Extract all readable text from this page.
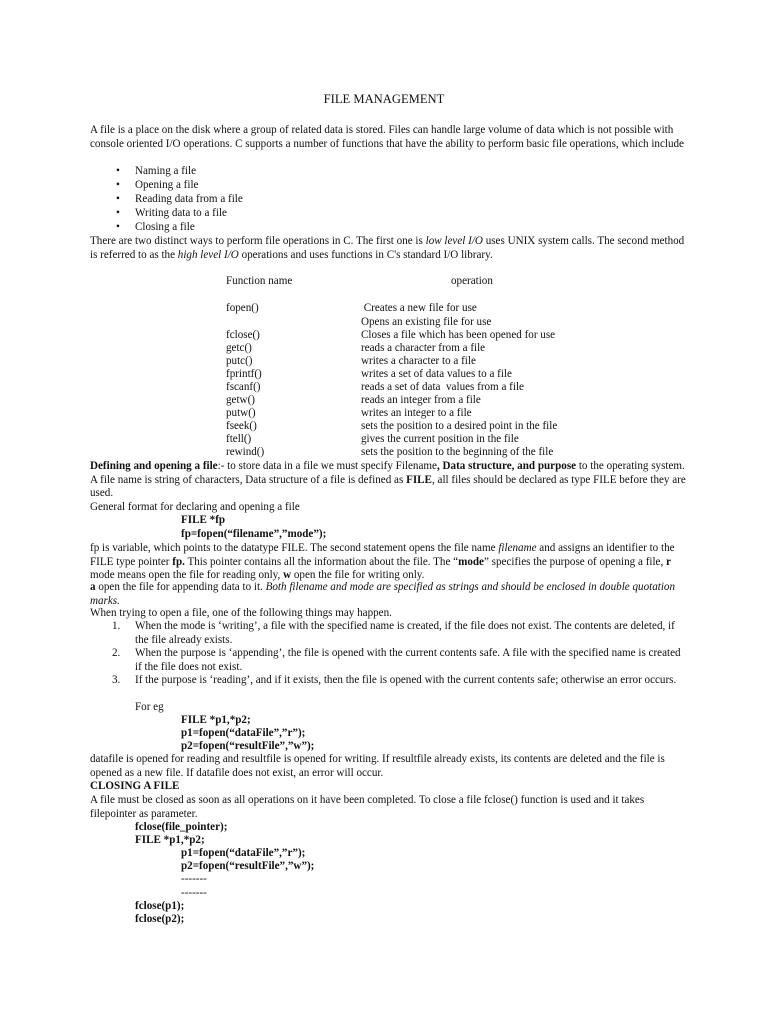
FILE MANAGEMENT
A file is a place on the disk where a group of related data is stored. Files can handle large volume of data which is not possible with console oriented I/O operations. C supports a number of functions that have the ability to perform basic file operations, which include
• Naming a file
• Opening a file
• Reading data from a file
• Writing data to a file
• Closing a file
There are two distinct ways to perform file operations in C. The first one is low level I/O uses UNIX system calls. The second method is referred to as the high level I/O operations and uses functions in C's standard I/O library.
Function name	operation
fopen()	Creates a new file for use
Opens an existing file for use
fclose()	Closes a file which has been opened for use
getc()	reads a character from a file
putc()	writes a character to a file
fprintf()	writes a set of data values to a file
fscanf()	reads a set of data  values from a file
getw()	reads an integer from a file
putw()	writes an integer to a file
fseek()	sets the position to a desired point in the file
ftell()	gives the current position in the file
rewind()	sets the position to the beginning of the file
Defining and opening a file:- to store data in a file we must specify Filename, Data structure, and purpose to the operating system. A file name is string of characters, Data structure of a file is defined as FILE, all files should be declared as type FILE before they are used.
General format for declaring and opening a file
FILE *fp
fp=fopen(“filename”,”mode”);
fp is variable, which points to the datatype FILE. The second statement opens the file name filename and assigns an identifier to the FILE type pointer fp. This pointer contains all the information about the file. The “mode” specifies the purpose of opening a file, r mode means open the file for reading only, w open the file for writing only.
a open the file for appending data to it. Both filename and mode are specified as strings and should be enclosed in double quotation marks.
When trying to open a file, one of the following things may happen.
1. When the mode is ‘writing’, a file with the specified name is created, if the file does not exist. The contents are deleted, if the file already exists.
2. When the purpose is ‘appending’, the file is opened with the current contents safe. A file with the specified name is created if the file does not exist.
3. If the purpose is ‘reading’, and if it exists, then the file is opened with the current contents safe; otherwise an error occurs.
For eg
FILE *p1,*p2;
p1=fopen(“dataFile”,”r”);
p2=fopen(“resultFile”,”w”);
datafile is opened for reading and resultfile is opened for writing. If resultfile already exists, its contents are deleted and the file is opened as a new file. If datafile does not exist, an error will occur.
CLOSING A FILE
A file must be closed as soon as all operations on it have been completed. To close a file fclose() function is used and it takes filepointer as parameter.
fclose(file_pointer);
FILE *p1,*p2;
p1=fopen(“dataFile”,”r”);
p2=fopen(“resultFile”,”w”);
-------
-------
fclose(p1);
fclose(p2);
